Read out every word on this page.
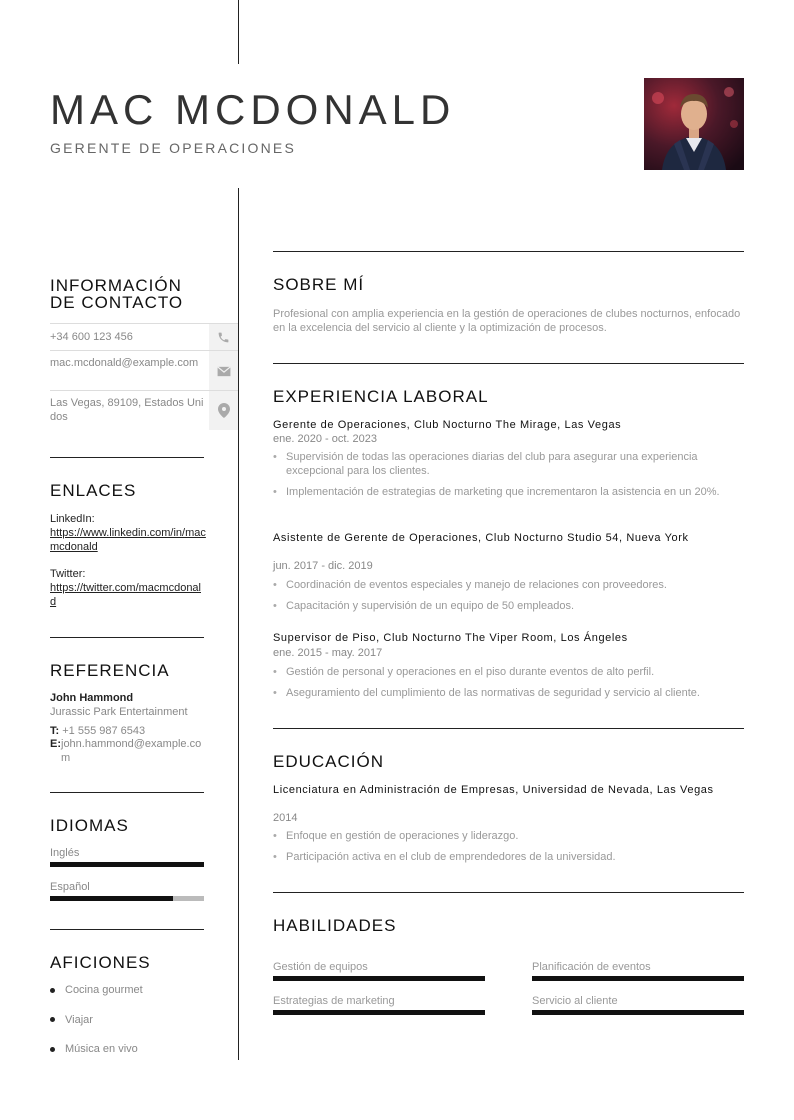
MAC MCDONALD
GERENTE DE OPERACIONES
INFORMACIÓN
DE CONTACTO
+34 600 123 456
mac.mcdonald@example.com
Las Vegas, 89109, Estados Unidos
ENLACES
LinkedIn:
https://www.linkedin.com/in/macmcdonald
Twitter:
https://twitter.com/macmcdonald
REFERENCIA
John Hammond
Jurassic Park Entertainment
T: +1 555 987 6543
E: john.hammond@example.com
IDIOMAS
Inglés
Español
AFICIONES
Cocina gourmet
Viajar
Música en vivo
SOBRE MÍ
Profesional con amplia experiencia en la gestión de operaciones de clubes nocturnos, enfocado en la excelencia del servicio al cliente y la optimización de procesos.
EXPERIENCIA LABORAL
Gerente de Operaciones, Club Nocturno The Mirage, Las Vegas
ene. 2020 - oct. 2023
• Supervisión de todas las operaciones diarias del club para asegurar una experiencia excepcional para los clientes.
• Implementación de estrategias de marketing que incrementaron la asistencia en un 20%.
Asistente de Gerente de Operaciones, Club Nocturno Studio 54, Nueva York
jun. 2017 - dic. 2019
• Coordinación de eventos especiales y manejo de relaciones con proveedores.
• Capacitación y supervisión de un equipo de 50 empleados.
Supervisor de Piso, Club Nocturno The Viper Room, Los Ángeles
ene. 2015 - may. 2017
• Gestión de personal y operaciones en el piso durante eventos de alto perfil.
• Aseguramiento del cumplimiento de las normativas de seguridad y servicio al cliente.
EDUCACIÓN
Licenciatura en Administración de Empresas, Universidad de Nevada, Las Vegas
2014
• Enfoque en gestión de operaciones y liderazgo.
• Participación activa en el club de emprendedores de la universidad.
HABILIDADES
Gestión de equipos	Planificación de eventos
Estrategias de marketing	Servicio al cliente
